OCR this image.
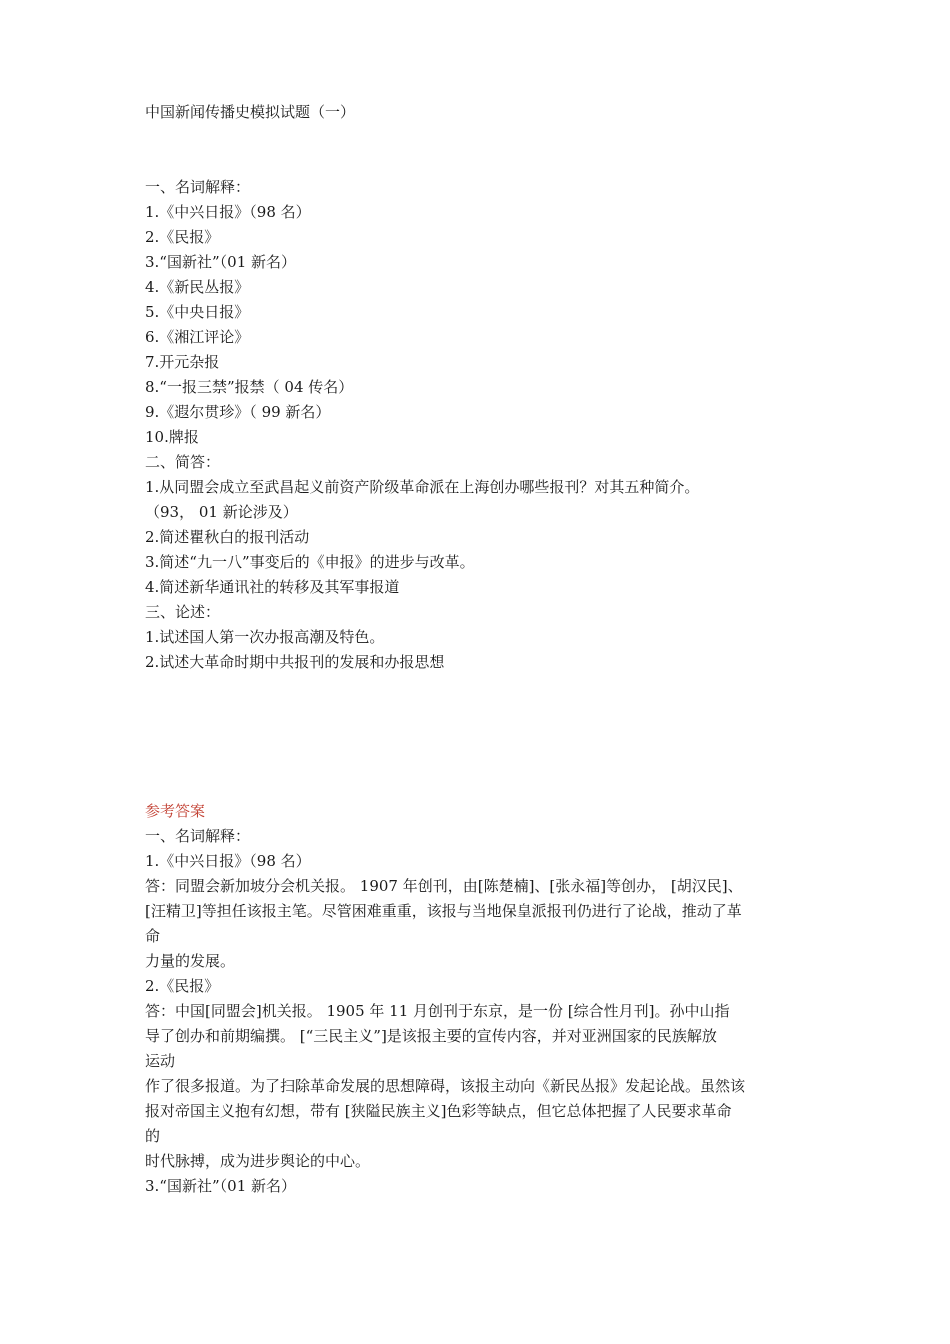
中国新闻传播史模拟试题（一）
一、名词解释：
1.《中兴日报》（98 名）
2.《民报》
3.“国新社”（01 新名）
4.《新民丛报》
5.《中央日报》
6.《湘江评论》
7.开元杂报
8.“一报三禁”报禁（ 04 传名）
9.《遐尔贯珍》（ 99 新名）
10.牌报
二、简答：
1.从同盟会成立至武昌起义前资产阶级革命派在上海创办哪些报刊？对其五种简介。
（93， 01 新论涉及）
2.简述瞿秋白的报刊活动
3.简述“九一八”事变后的《申报》的进步与改革。
4.简述新华通讯社的转移及其军事报道
三、论述：
1.试述国人第一次办报高潮及特色。
2.试述大革命时期中共报刊的发展和办报思想
参考答案
一、名词解释：
1.《中兴日报》（98 名）
答：同盟会新加坡分会机关报。 1907 年创刊，由[陈楚楠]、[张永福]等创办， [胡汉民]、
[汪精卫]等担任该报主笔。尽管困难重重，该报与当地保皇派报刊仍进行了论战，推动了革
命
力量的发展。
2.《民报》
答：中国[同盟会]机关报。 1905 年 11 月创刊于东京，是一份 [综合性月刊]。孙中山指
导了创办和前期编撰。 [“三民主义”]是该报主要的宣传内容，并对亚洲国家的民族解放
运动
作了很多报道。为了扫除革命发展的思想障碍，该报主动向《新民丛报》发起论战。虽然该
报对帝国主义抱有幻想，带有 [狭隘民族主义]色彩等缺点，但它总体把握了人民要求革命
的
时代脉搏，成为进步舆论的中心。
3.“国新社”（01 新名）
